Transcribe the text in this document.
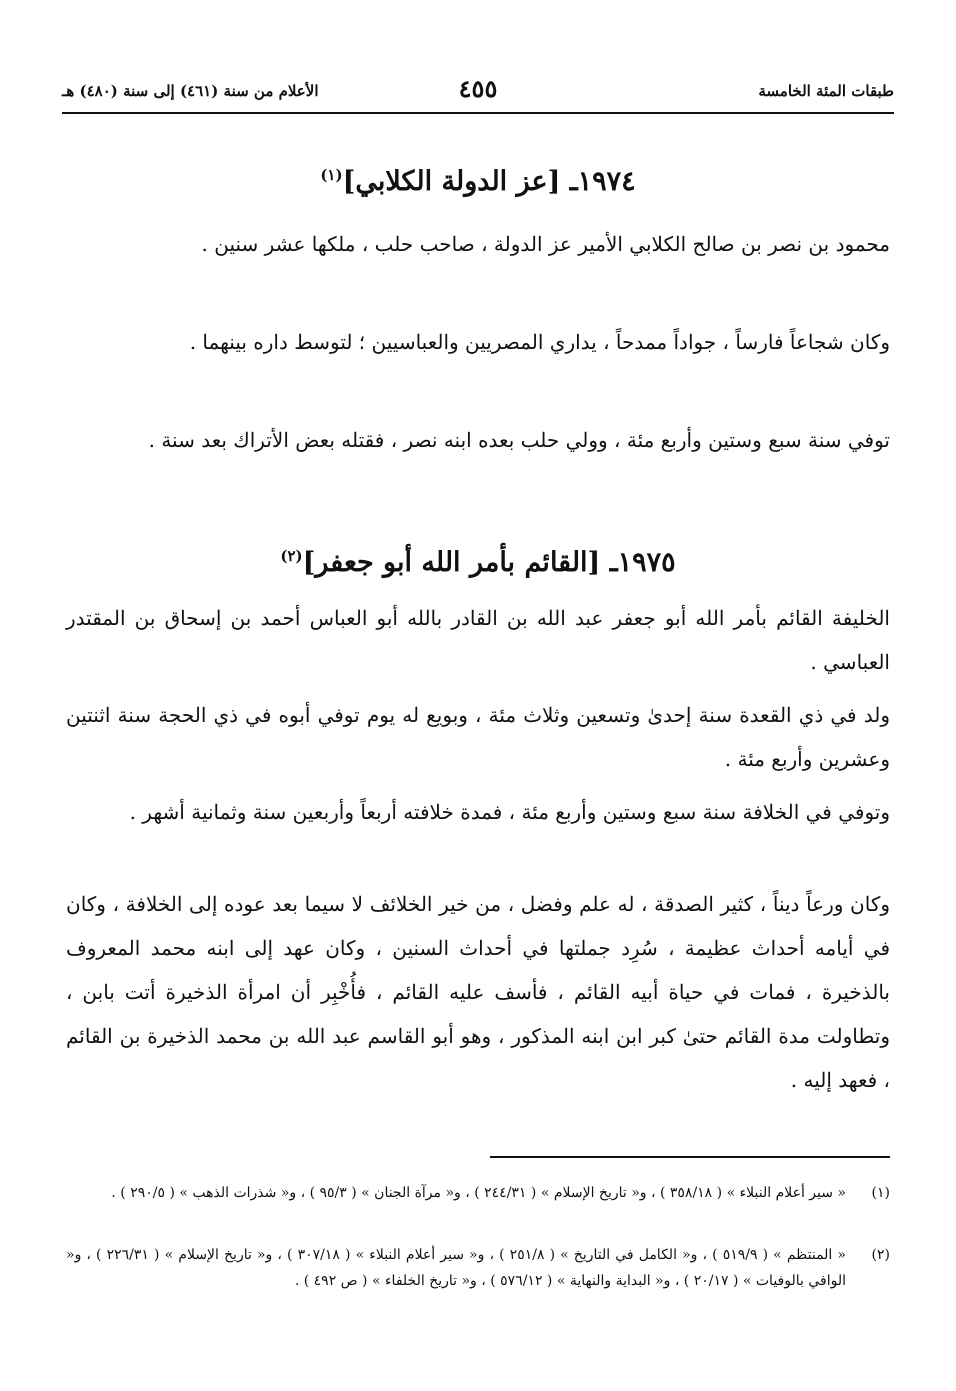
طبقات المئة الخامسة
٤٥٥
الأعلام من سنة (٤٦١) إلى سنة (٤٨٠) هـ
١٩٧٤ـ [عز الدولة الكلابي]$^{(١)}$

محمود بن نصر بن صالح الكلابي الأمير عز الدولة ، صاحب حلب ، ملكها عشر سنين .

وكان شجاعاً فارساً ، جواداً ممدحاً ، يداري المصريين والعباسيين ؛ لتوسط داره بينهما .

توفي سنة سبع وستين وأربع مئة ، وولي حلب بعده ابنه نصر ، فقتله بعض الأتراك بعد سنة .

١٩٧٥ـ [القائم بأمر الله أبو جعفر]$^{(٢)}$

الخليفة القائم بأمر الله أبو جعفر عبد الله بن القادر بالله أبو العباس أحمد بن إسحاق بن المقتدر العباسي .

ولد في ذي القعدة سنة إحدىٰ وتسعين وثلاث مئة ، وبويع له يوم توفي أبوه في ذي الحجة سنة اثنتين وعشرين وأربع مئة .

وتوفي في الخلافة سنة سبع وستين وأربع مئة ، فمدة خلافته أربعاً وأربعين سنة وثمانية أشهر .

وكان ورعاً ديناً ، كثير الصدقة ، له علم وفضل ، من خير الخلائف لا سيما بعد عوده إلى الخلافة ، وكان في أيامه أحداث عظيمة ، سُرِد جملتها في أحداث السنين ، وكان عهد إلى ابنه محمد المعروف بالذخيرة ، فمات في حياة أبيه القائم ، فأسف عليه القائم ، فأُخْبِر أن امرأة الذخيرة أتت بابن ، وتطاولت مدة القائم حتىٰ كبر ابن ابنه المذكور ، وهو أبو القاسم عبد الله بن محمد الذخيرة بن القائم ، فعهد إليه .

(١)
« سير أعلام النبلاء » ( ٣٥٨/١٨ ) ، و« تاريخ الإسلام » ( ٢٤٤/٣١ ) ، و« مرآة الجنان » ( ٩٥/٣ ) ، و« شذرات الذهب » ( ٢٩٠/٥ ) .
(٢)
« المنتظم » ( ٥١٩/٩ ) ، و« الكامل في التاريخ » ( ٢٥١/٨ ) ، و« سير أعلام النبلاء » ( ٣٠٧/١٨ ) ، و« تاريخ الإسلام » ( ٢٢٦/٣١ ) ، و« الوافي بالوفيات » ( ٢٠/١٧ ) ، و« البداية والنهاية » ( ٥٧٦/١٢ ) ، و« تاريخ الخلفاء » ( ص ٤٩٢ ) .
